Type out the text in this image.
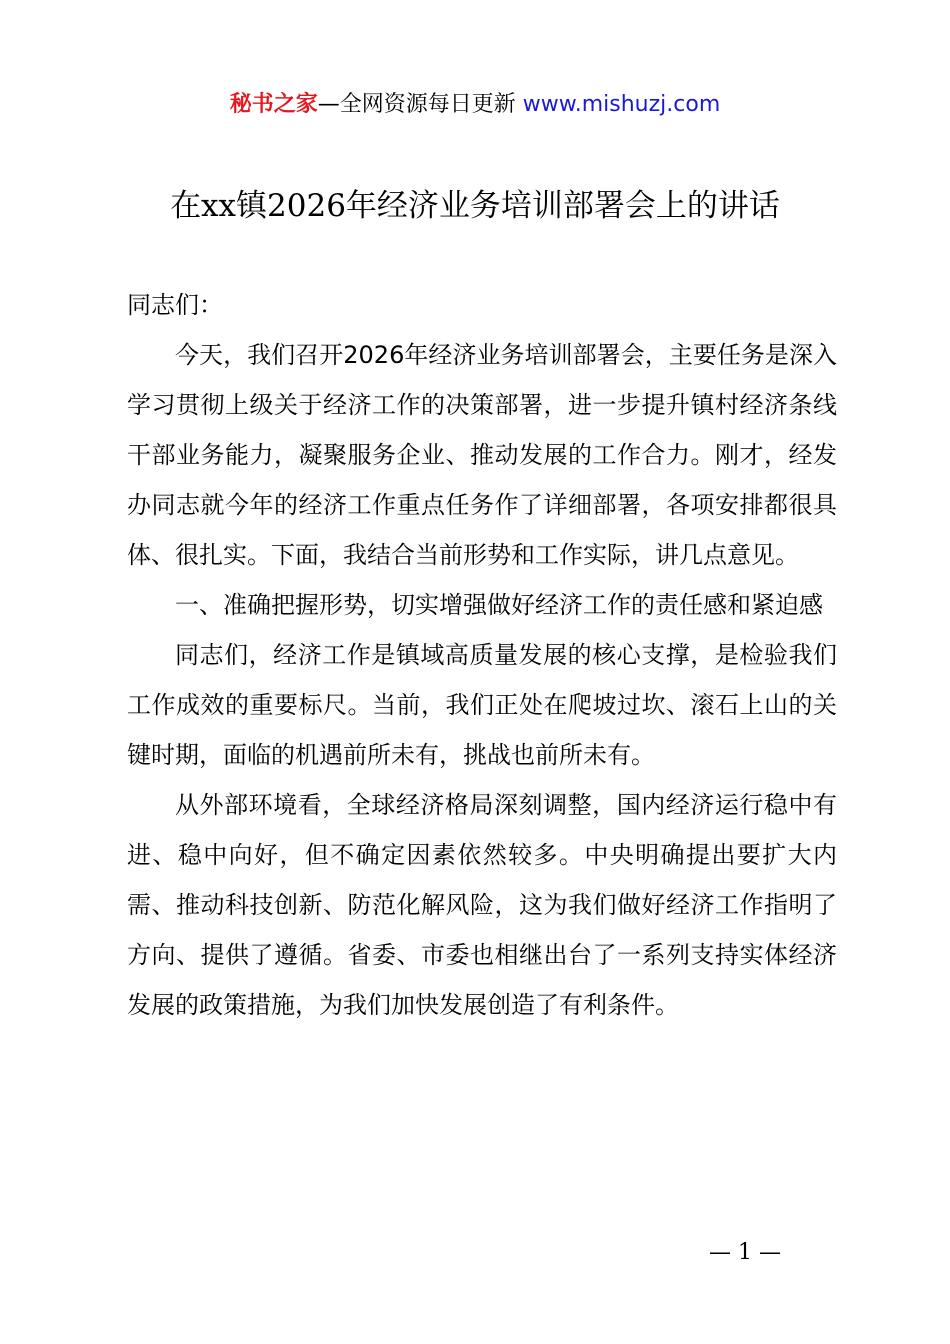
秘书之家—全网资源每日更新 www.mishuzj.com
在xx镇2026年经济业务培训部署会上的讲话

同志们：

今天，我们召开2026年经济业务培训部署会，主要任务是深入学习贯彻上级关于经济工作的决策部署，进一步提升镇村经济条线干部业务能力，凝聚服务企业、推动发展的工作合力。刚才，经发办同志就今年的经济工作重点任务作了详细部署，各项安排都很具体、很扎实。下面，我结合当前形势和工作实际，讲几点意见。

一、准确把握形势，切实增强做好经济工作的责任感和紧迫感

同志们，经济工作是镇域高质量发展的核心支撑，是检验我们工作成效的重要标尺。当前，我们正处在爬坡过坎、滚石上山的关键时期，面临的机遇前所未有，挑战也前所未有。

从外部环境看，全球经济格局深刻调整，国内经济运行稳中有进、稳中向好，但不确定因素依然较多。中央明确提出要扩大内需、推动科技创新、防范化解风险，这为我们做好经济工作指明了方向、提供了遵循。省委、市委也相继出台了一系列支持实体经济发展的政策措施，为我们加快发展创造了有利条件。

— 1 —
